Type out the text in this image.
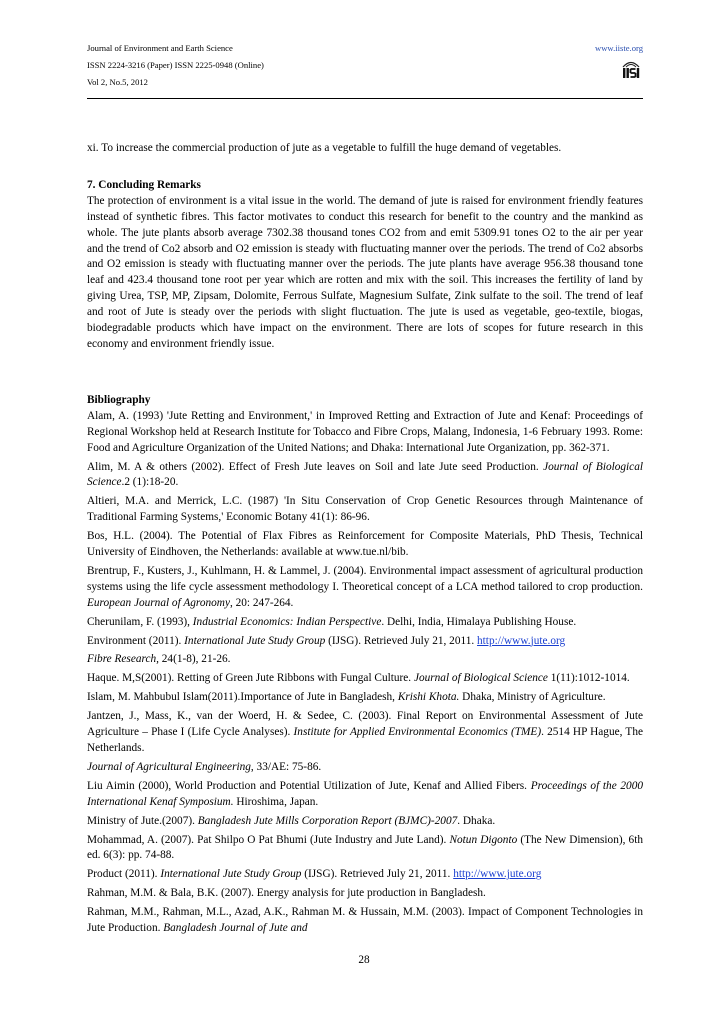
Journal of Environment and Earth Science
ISSN 2224-3216 (Paper) ISSN 2225-0948 (Online)
Vol 2, No.5, 2012
www.iiste.org

xi. To increase the commercial production of jute as a vegetable to fulfill the huge demand of vegetables.

7. Concluding Remarks

The protection of environment is a vital issue in the world. The demand of jute is raised for environment friendly features instead of synthetic fibres. This factor motivates to conduct this research for benefit to the country and the mankind as whole. The jute plants absorb average 7302.38 thousand tones CO2 from and emit 5309.91 tones O2 to the air per year and the trend of Co2 absorb and O2 emission is steady with fluctuating manner over the periods. The trend of Co2 absorbs and O2 emission is steady with fluctuating manner over the periods. The jute plants have average 956.38 thousand tone leaf and 423.4 thousand tone root per year which are rotten and mix with the soil. This increases the fertility of land by giving Urea, TSP, MP, Zipsam, Dolomite, Ferrous Sulfate, Magnesium Sulfate, Zink sulfate to the soil. The trend of leaf and root of Jute is steady over the periods with slight fluctuation. The jute is used as vegetable, geo-textile, biogas, biodegradable products which have impact on the environment. There are lots of scopes for future research in this economy and environment friendly issue.

Bibliography

Alam, A. (1993) 'Jute Retting and Environment,' in Improved Retting and Extraction of Jute and Kenaf: Proceedings of Regional Workshop held at Research Institute for Tobacco and Fibre Crops, Malang, Indonesia, 1-6 February 1993. Rome: Food and Agriculture Organization of the United Nations; and Dhaka: International Jute Organization, pp. 362-371.

Alim, M. A & others (2002). Effect of Fresh Jute leaves on Soil and late Jute seed Production. Journal of Biological Science.2 (1):18-20.

Altieri, M.A. and Merrick, L.C. (1987) 'In Situ Conservation of Crop Genetic Resources through Maintenance of Traditional Farming Systems,' Economic Botany 41(1): 86-96.

Bos, H.L. (2004). The Potential of Flax Fibres as Reinforcement for Composite Materials, PhD Thesis, Technical University of Eindhoven, the Netherlands: available at www.tue.nl/bib.

Brentrup, F., Kusters, J., Kuhlmann, H. & Lammel, J. (2004). Environmental impact assessment of agricultural production systems using the life cycle assessment methodology I. Theoretical concept of a LCA method tailored to crop production. European Journal of Agronomy, 20: 247-264.

Cherunilam, F. (1993), Industrial Economics: Indian Perspective. Delhi, India, Himalaya Publishing House.

Environment (2011). International Jute Study Group (IJSG). Retrieved July 21, 2011. http://www.jute.org

Fibre Research, 24(1-8), 21-26.

Haque. M,S(2001). Retting of Green Jute Ribbons with Fungal Culture. Journal of Biological Science 1(11):1012-1014.

Islam, M. Mahbubul Islam(2011).Importance of Jute in Bangladesh, Krishi Khota. Dhaka, Ministry of Agriculture.

Jantzen, J., Mass, K., van der Woerd, H. & Sedee, C. (2003). Final Report on Environmental Assessment of Jute Agriculture – Phase I (Life Cycle Analyses). Institute for Applied Environmental Economics (TME). 2514 HP Hague, The Netherlands.

Journal of Agricultural Engineering, 33/AE: 75-86.

Liu Aimin (2000), World Production and Potential Utilization of Jute, Kenaf and Allied Fibers. Proceedings of the 2000 International Kenaf Symposium. Hiroshima, Japan.

Ministry of Jute.(2007). Bangladesh Jute Mills Corporation Report (BJMC)-2007. Dhaka.

Mohammad, A. (2007). Pat Shilpo O Pat Bhumi (Jute Industry and Jute Land). Notun Digonto (The New Dimension), 6th ed. 6(3): pp. 74-88.

Product (2011). International Jute Study Group (IJSG). Retrieved July 21, 2011. http://www.jute.org

Rahman, M.M. & Bala, B.K. (2007). Energy analysis for jute production in Bangladesh.

Rahman, M.M., Rahman, M.L., Azad, A.K., Rahman M. & Hussain, M.M. (2003). Impact of Component Technologies in Jute Production. Bangladesh Journal of Jute and

28
